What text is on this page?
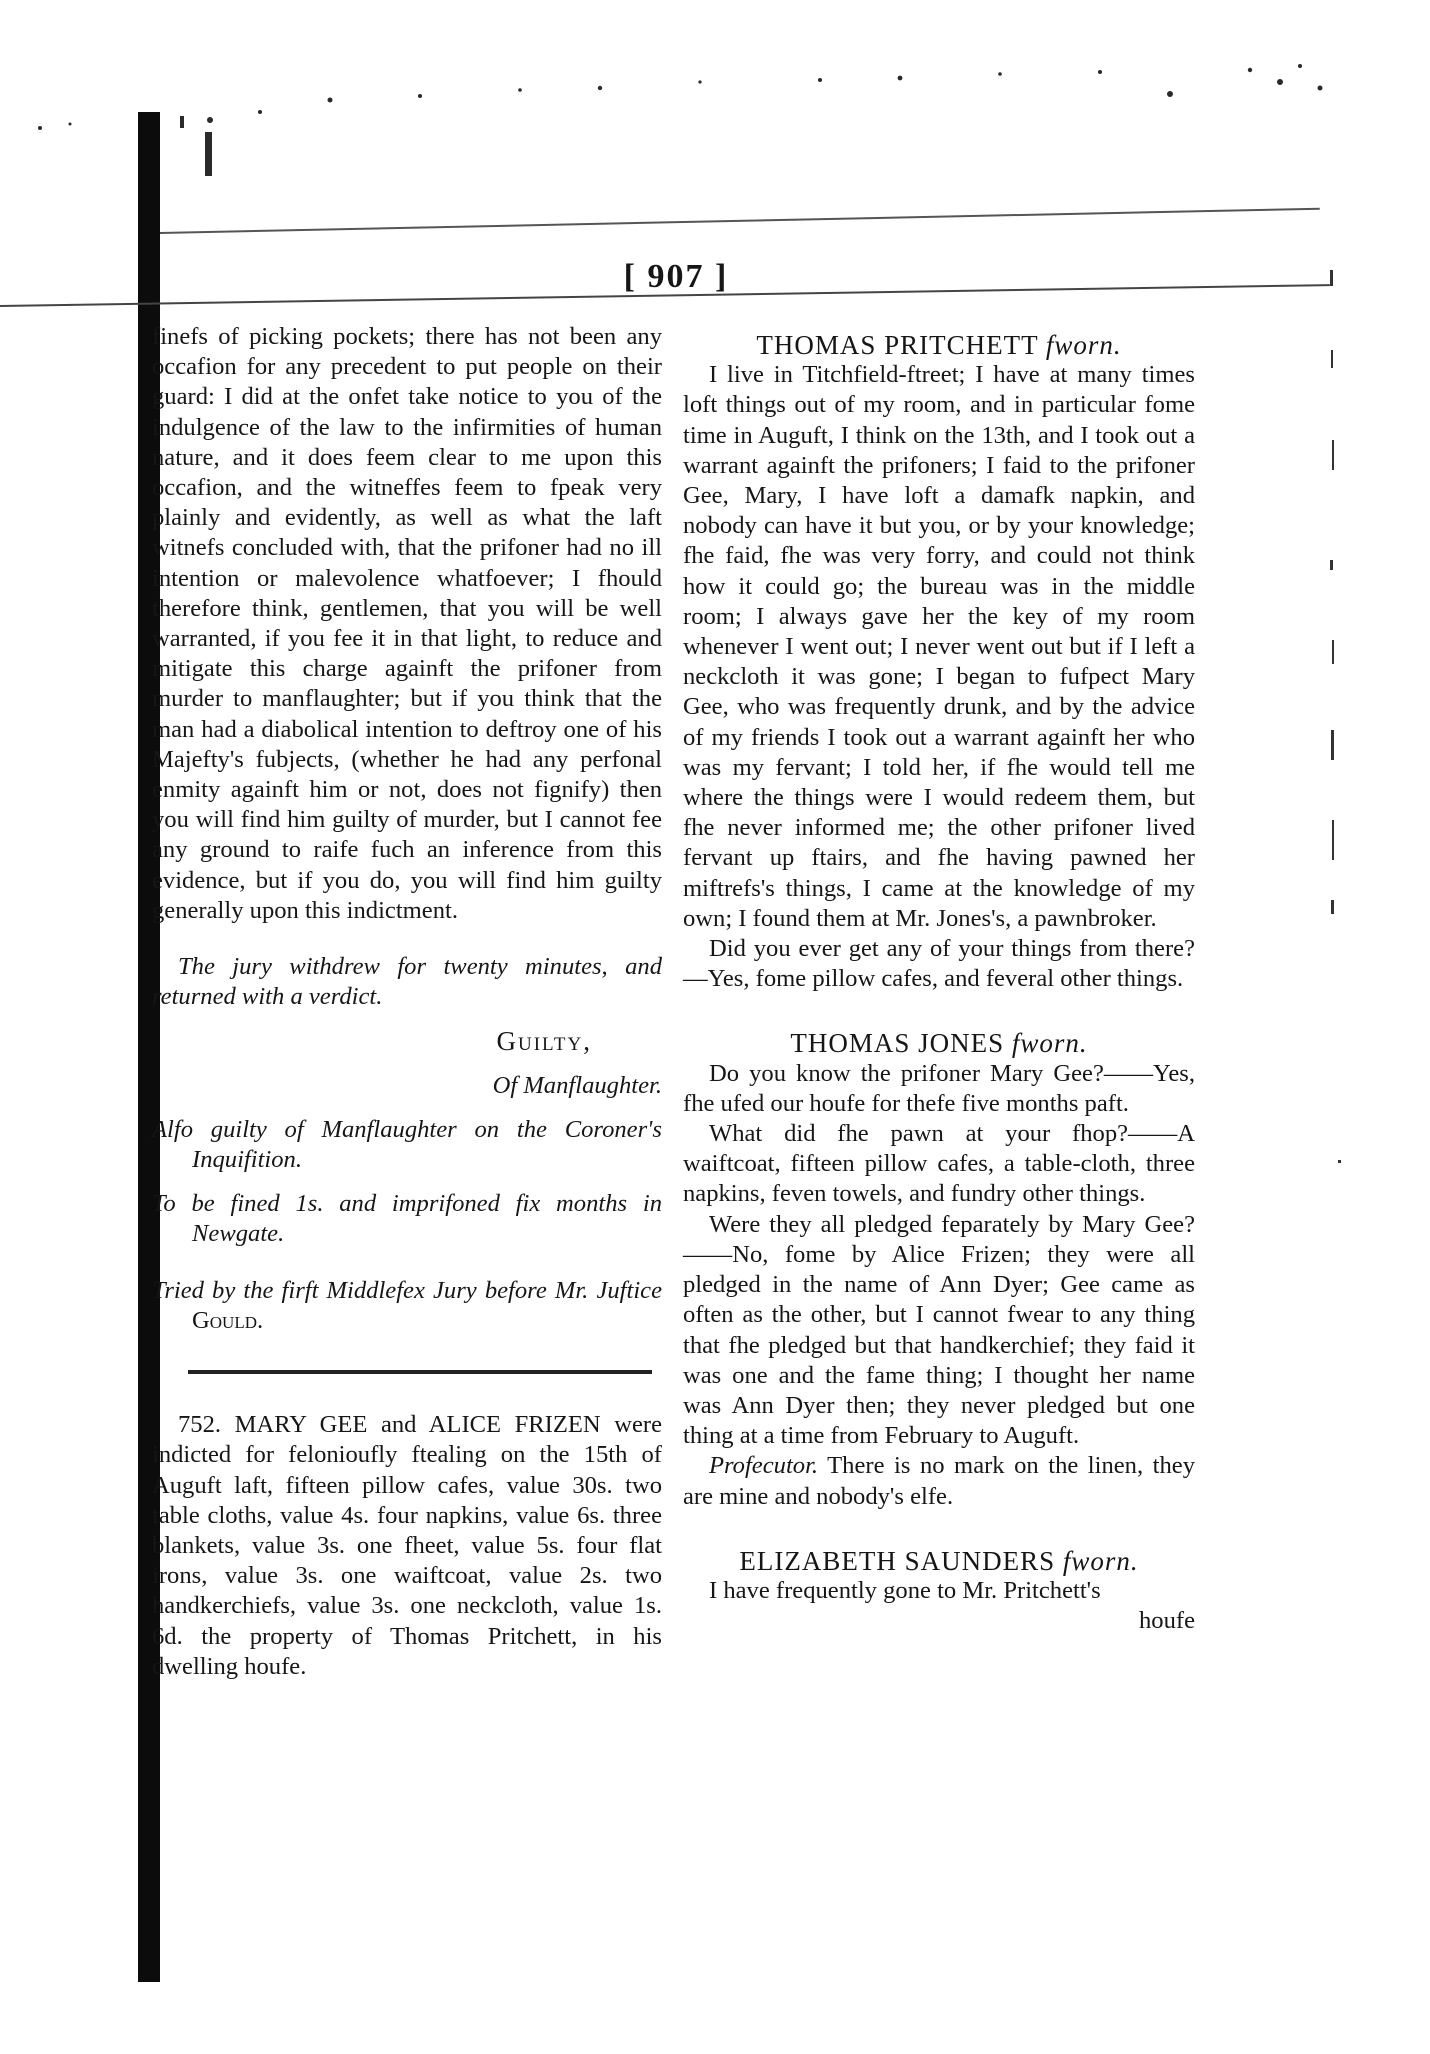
[ 907 ]

finefs of picking pockets; there has not been any occafion for any precedent to put people on their guard: I did at the onfet take notice to you of the indulgence of the law to the infirmities of human nature, and it does feem clear to me upon this occafion, and the witneffes feem to fpeak very plainly and evidently, as well as what the laft witnefs concluded with, that the prifoner had no ill intention or malevolence whatfoever; I fhould therefore think, gentlemen, that you will be well warranted, if you fee it in that light, to reduce and mitigate this charge againft the prifoner from murder to manflaughter; but if you think that the man had a diabolical intention to deftroy one of his Majefty's fubjects, (whether he had any perfonal enmity againft him or not, does not fignify) then you will find him guilty of murder, but I cannot fee any ground to raife fuch an inference from this evidence, but if you do, you will find him guilty generally upon this indictment.

The jury withdrew for twenty minutes, and returned with a verdict.

Guilty,

Of Manflaughter.

Alfo guilty of Manflaughter on the Coroner's Inquifition.

To be fined 1s. and imprifoned fix months in Newgate.

Tried by the firft Middlefex Jury before Mr. Juftice Gould.

752. MARY GEE and ALICE FRIZEN were indicted for felonioufly ftealing on the 15th of Auguft laft, fifteen pillow cafes, value 30s. two table cloths, value 4s. four napkins, value 6s. three blankets, value 3s. one fheet, value 5s. four flat irons, value 3s. one waiftcoat, value 2s. two handkerchiefs, value 3s. one neckcloth, value 1s. 6d. the property of Thomas Pritchett, in his dwelling houfe.

THOMAS PRITCHETT fworn.

I live in Titchfield-ftreet; I have at many times loft things out of my room, and in particular fome time in Auguft, I think on the 13th, and I took out a warrant againft the prifoners; I faid to the prifoner Gee, Mary, I have loft a damafk napkin, and nobody can have it but you, or by your knowledge; fhe faid, fhe was very forry, and could not think how it could go; the bureau was in the middle room; I always gave her the key of my room whenever I went out; I never went out but if I left a neckcloth it was gone; I began to fufpect Mary Gee, who was frequently drunk, and by the advice of my friends I took out a warrant againft her who was my fervant; I told her, if fhe would tell me where the things were I would redeem them, but fhe never informed me; the other prifoner lived fervant up ftairs, and fhe having pawned her miftrefs's things, I came at the knowledge of my own; I found them at Mr. Jones's, a pawnbroker.

Did you ever get any of your things from there?—Yes, fome pillow cafes, and feveral other things.

THOMAS JONES fworn.

Do you know the prifoner Mary Gee?——Yes, fhe ufed our houfe for thefe five months paft.

What did fhe pawn at your fhop?——A waiftcoat, fifteen pillow cafes, a table-cloth, three napkins, feven towels, and fundry other things.

Were they all pledged feparately by Mary Gee?——No, fome by Alice Frizen; they were all pledged in the name of Ann Dyer; Gee came as often as the other, but I cannot fwear to any thing that fhe pledged but that handkerchief; they faid it was one and the fame thing; I thought her name was Ann Dyer then; they never pledged but one thing at a time from February to Auguft.

Profecutor. There is no mark on the linen, they are mine and nobody's elfe.

ELIZABETH SAUNDERS fworn.

I have frequently gone to Mr. Pritchett's

houfe
